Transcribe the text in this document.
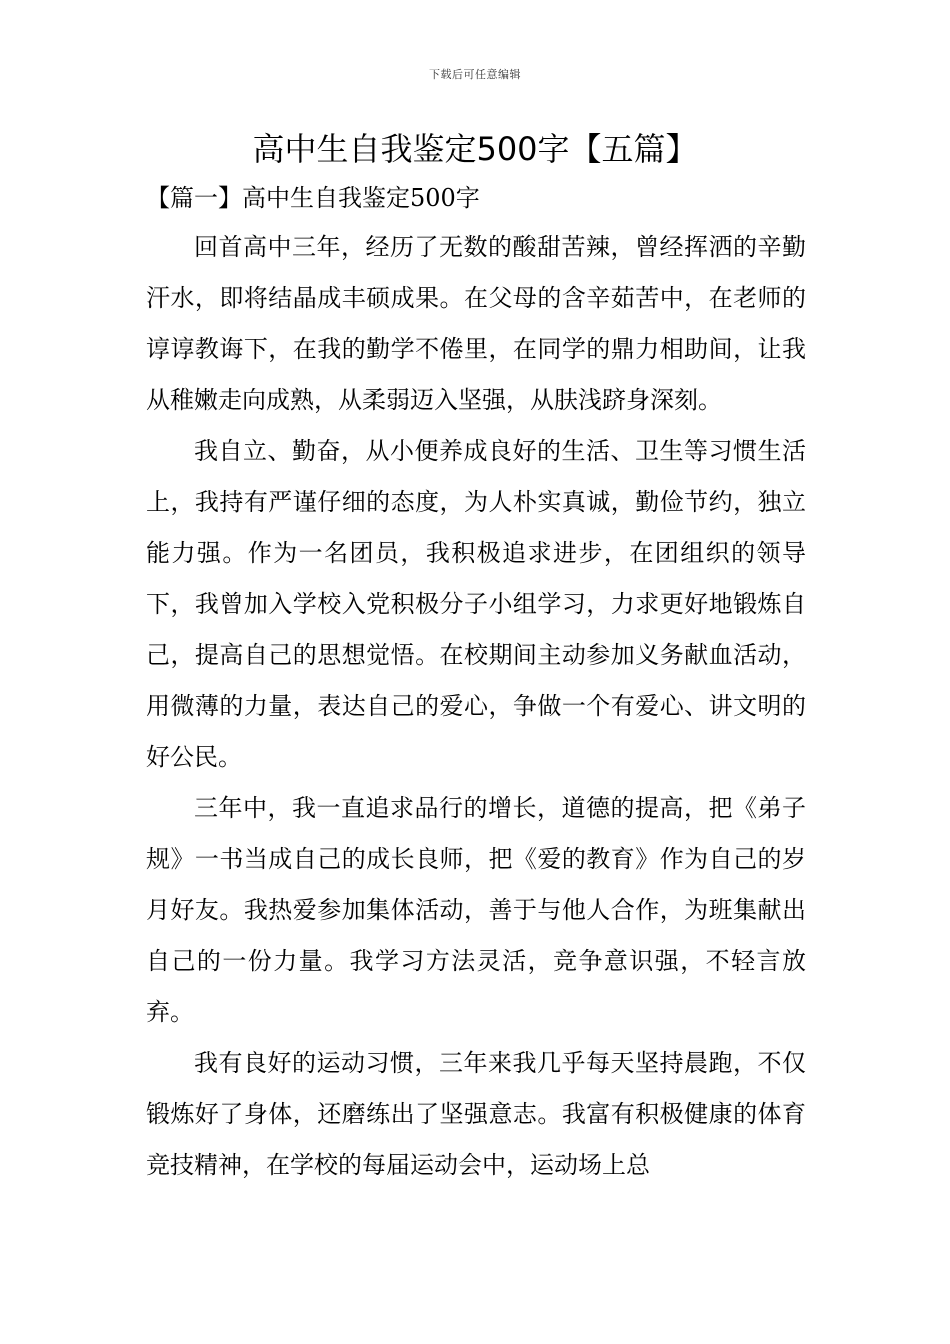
下载后可任意编辑
高中生自我鉴定500字【五篇】
【篇一】高中生自我鉴定500字

回首高中三年，经历了无数的酸甜苦辣，曾经挥洒的辛勤汗水，即将结晶成丰硕成果。在父母的含辛茹苦中，在老师的谆谆教诲下，在我的勤学不倦里，在同学的鼎力相助间，让我从稚嫩走向成熟，从柔弱迈入坚强，从肤浅跻身深刻。

我自立、勤奋，从小便养成良好的生活、卫生等习惯生活上，我持有严谨仔细的态度，为人朴实真诚，勤俭节约，独立能力强。作为一名团员，我积极追求进步，在团组织的领导下，我曾加入学校入党积极分子小组学习，力求更好地锻炼自己，提高自己的思想觉悟。在校期间主动参加义务献血活动，用微薄的力量，表达自己的爱心，争做一个有爱心、讲文明的好公民。

三年中，我一直追求品行的增长，道德的提高，把《弟子规》一书当成自己的成长良师，把《爱的教育》作为自己的岁月好友。我热爱参加集体活动，善于与他人合作，为班集献出自己的一份力量。我学习方法灵活，竞争意识强，不轻言放弃。

我有良好的运动习惯，三年来我几乎每天坚持晨跑，不仅锻炼好了身体，还磨练出了坚强意志。我富有积极健康的体育竞技精神，在学校的每届运动会中，运动场上总
